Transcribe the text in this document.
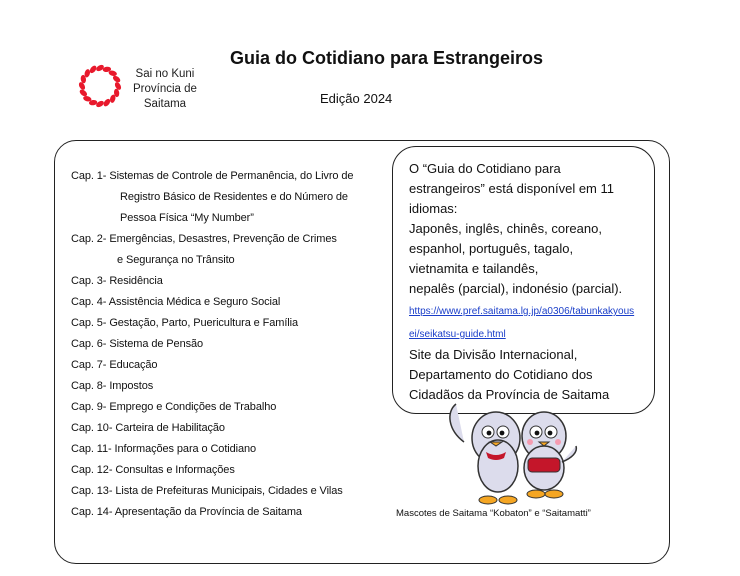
Sai no Kuni
Província de
Saitama
Guia do Cotidiano para Estrangeiros
Edição 2024
Cap. 1- Sistemas de Controle de Permanência, do Livro de
Registro Básico de Residentes e do Número de
Pessoa Física “My Number”
Cap. 2- Emergências, Desastres, Prevenção de Crimes
e Segurança no Trânsito
Cap. 3- Residência
Cap. 4- Assistência Médica e Seguro Social
Cap. 5- Gestação, Parto, Puericultura e Família
Cap. 6- Sistema de Pensão
Cap. 7- Educação
Cap. 8- Impostos
Cap. 9- Emprego e Condições de Trabalho
Cap. 10- Carteira de Habilitação
Cap. 11- Informações para o Cotidiano
Cap. 12- Consultas e Informações
Cap. 13- Lista de Prefeituras Municipais, Cidades e Vilas
Cap. 14- Apresentação da Província de Saitama
O “Guia do Cotidiano para
estrangeiros” está disponível em 11
idiomas:
Japonês, inglês, chinês, coreano,
espanhol, português, tagalo,
vietnamita e tailandês,
nepalês (parcial), indonésio (parcial).
https://www.pref.saitama.lg.jp/a0306/tabunkakyous
ei/seikatsu-guide.html
Site da Divisão Internacional,
Departamento do Cotidiano dos
Cidadãos da Província de Saitama
Mascotes de Saitama “Kobaton” e “Saitamatti”
